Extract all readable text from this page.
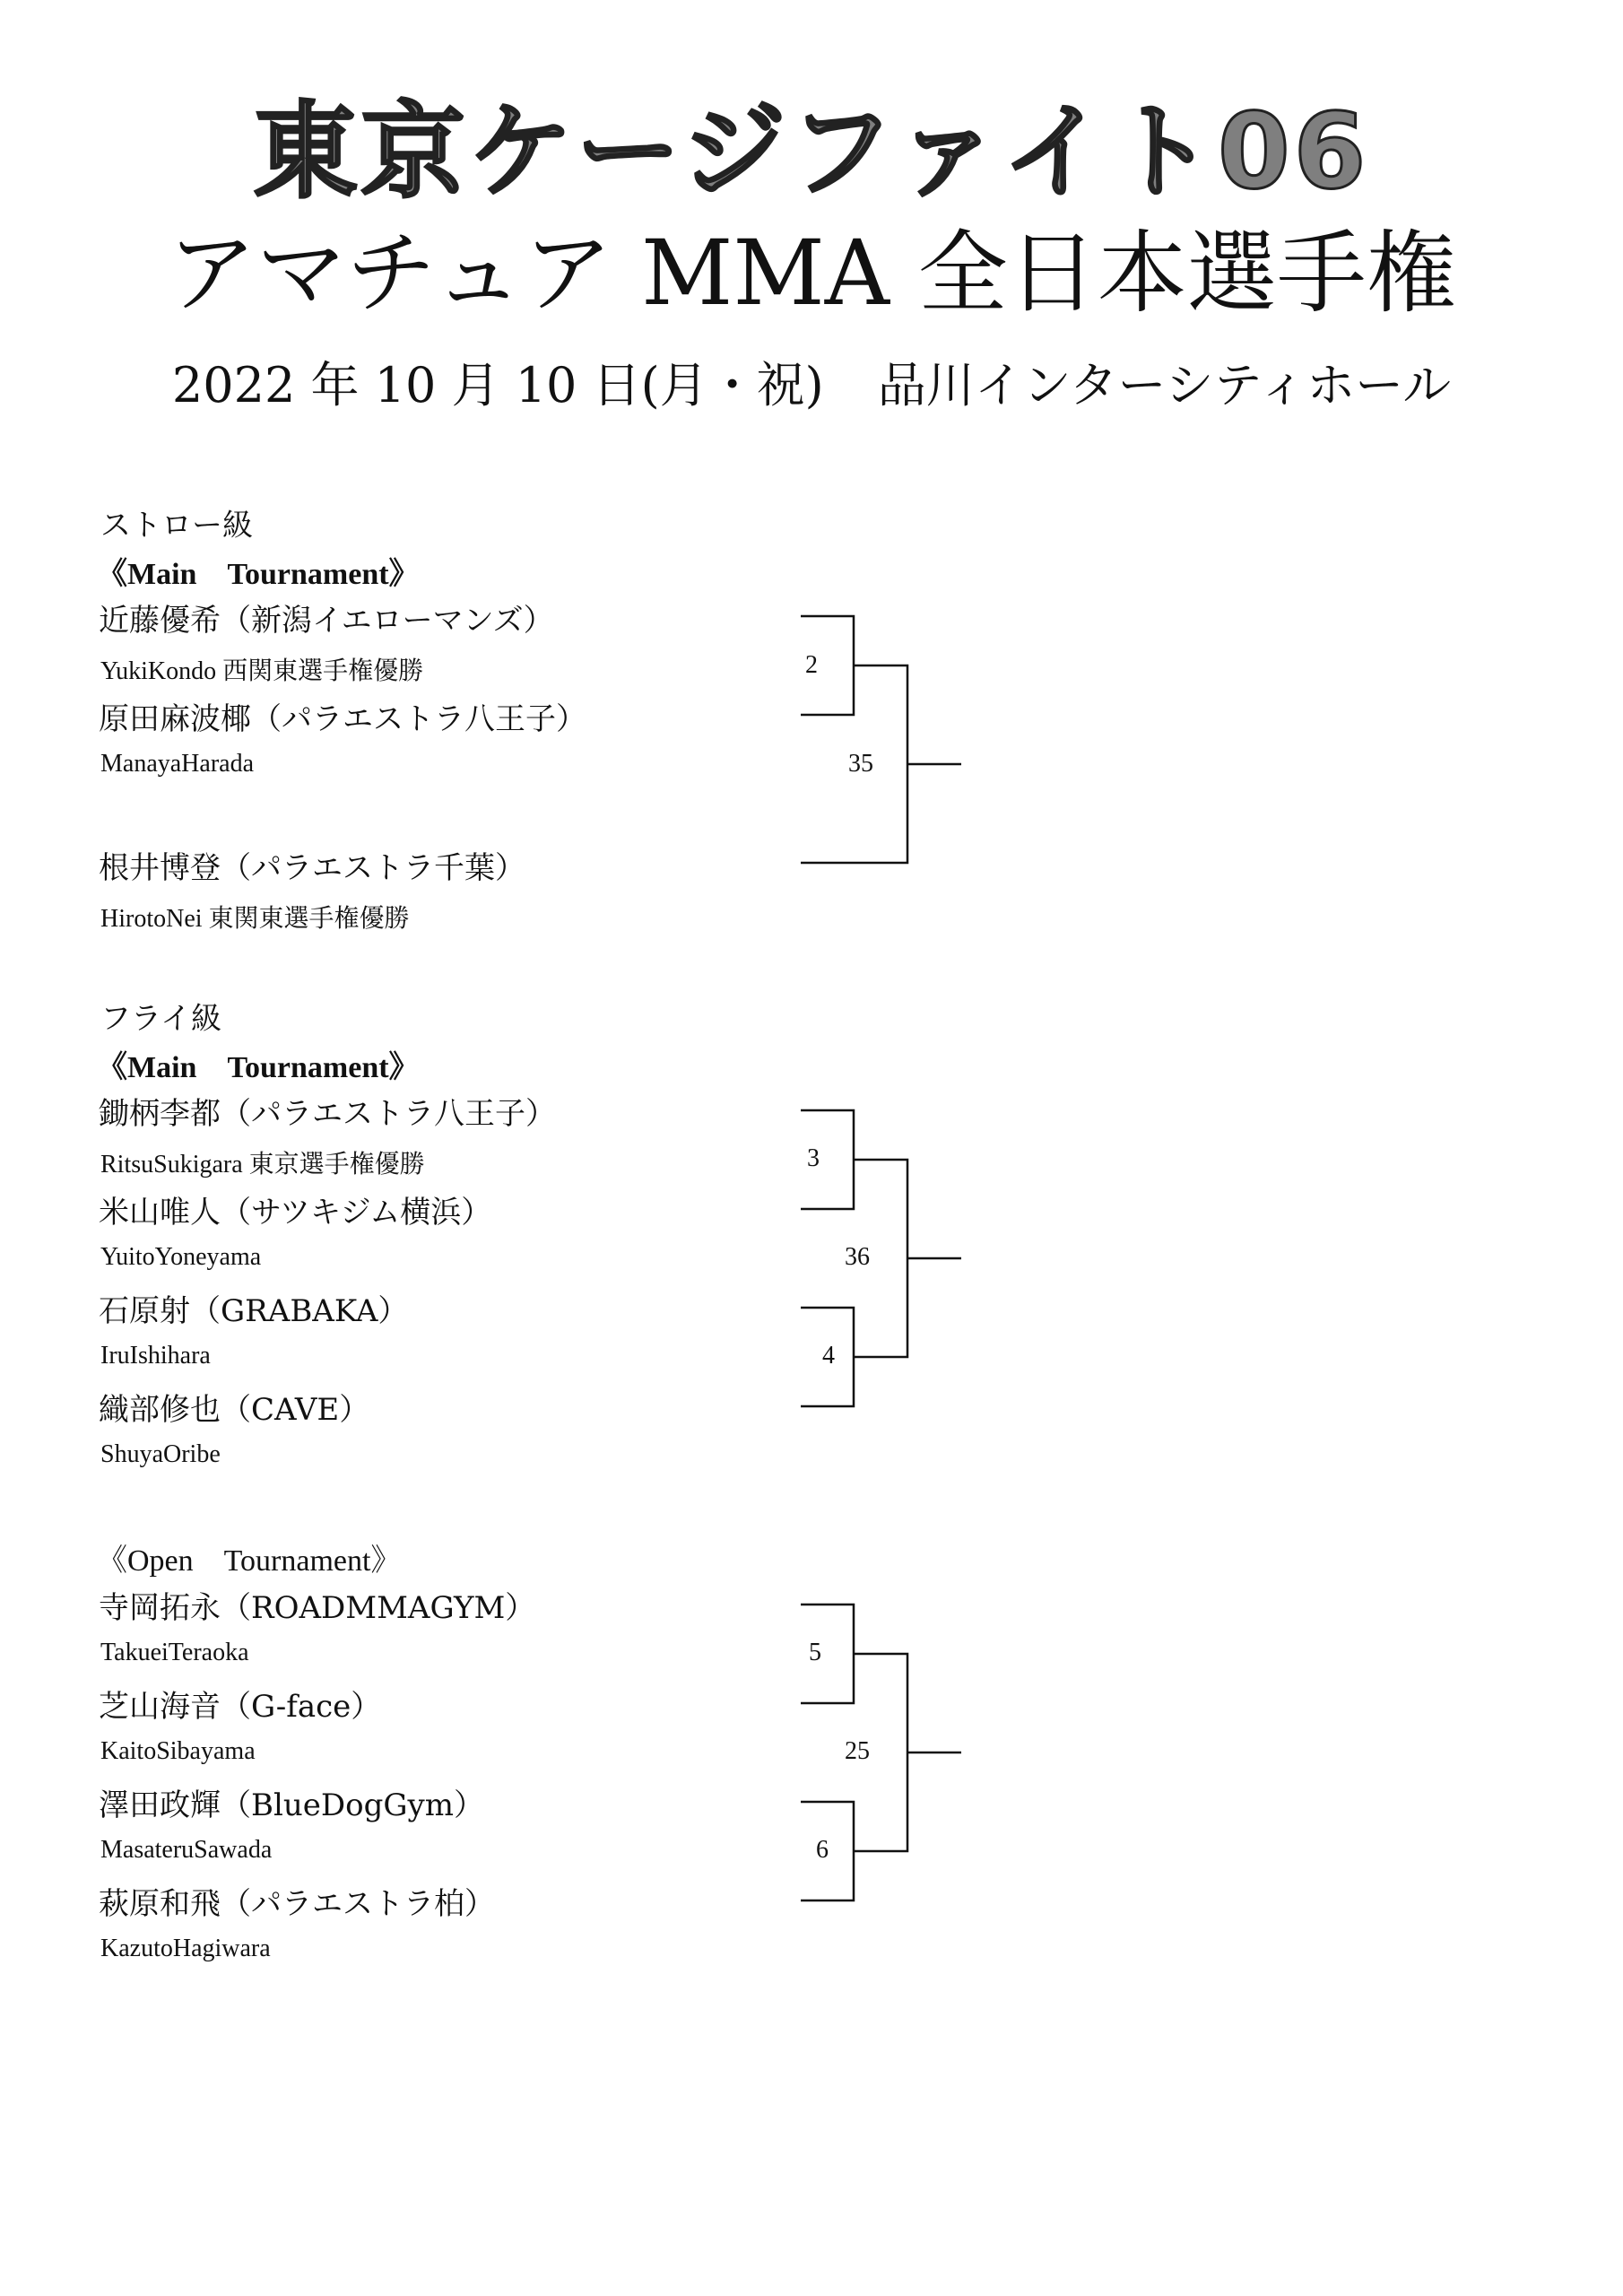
東京ケージファイト06
アマチュア MMA 全日本選手権
2022 年 10 月 10 日(月・祝) 品川インターシティホール
ストロー級
《Main　Tournament》
近藤優希（新潟イエローマンズ）
YukiKondo 西関東選手権優勝
原田麻波椰（パラエストラ八王子）
ManayaHarada
根井博登（パラエストラ千葉）
HirotoNei 東関東選手権優勝
2
35
フライ級
《Main　Tournament》
鋤柄李都（パラエストラ八王子）
RitsuSukigara 東京選手権優勝
米山唯人（サツキジム横浜）
YuitoYoneyama
石原射（GRABAKA）
IruIshihara
織部修也（CAVE）
ShuyaOribe
3
36
4
《Open　Tournament》
寺岡拓永（ROADMMAGYM）
TakueiTeraoka
芝山海音（G-face）
KaitoSibayama
澤田政輝（BlueDogGym）
MasateruSawada
萩原和飛（パラエストラ柏）
KazutoHagiwara
5
25
6
